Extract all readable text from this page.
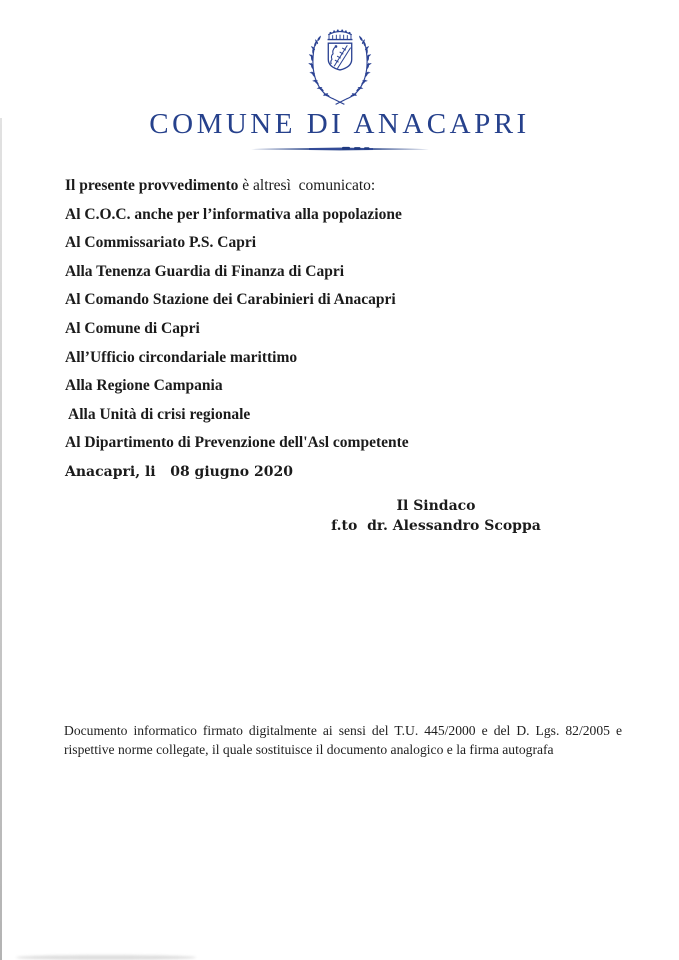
COMUNE DI ANACAPRI

Il presente provvedimento è altresì  comunicato:

Al C.O.C. anche per l’informativa alla popolazione

Al Commissariato P.S. Capri

Alla Tenenza Guardia di Finanza di Capri

Al Comando Stazione dei Carabinieri di Anacapri

Al Comune di Capri

All’Ufficio circondariale marittimo

Alla Regione Campania

Alla Unità di crisi regionale

Al Dipartimento di Prevenzione dell'Asl competente

Anacapri, li   08 giugno 2020

Il Sindaco
f.to  dr. Alessandro Scoppa
Documento informatico firmato digitalmente ai sensi del T.U. 445/2000 e del D. Lgs. 82/2005 e
rispettive norme collegate, il quale sostituisce il documento analogico e la firma autografa
